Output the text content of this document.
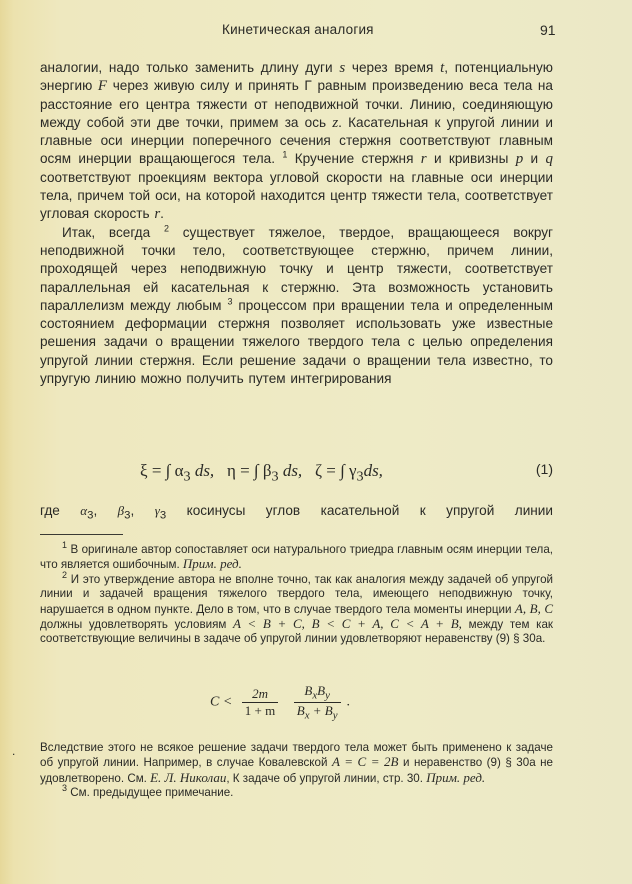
Кинетическая аналогия	91

аналогии, надо только заменить длину дуги s через время t, потенциальную энергию F через живую силу и принять Γ равным произведению веса тела на расстояние его центра тяжести от неподвижной точки. Линию, соединяющую между собой эти две точки, примем за ось z. Касательная к упругой линии и главные оси инерции поперечного сечения стержня соответствуют главным осям инерции вращающегося тела. $^1$ Кручение стержня r и кривизны p и q соответствуют проекциям вектора угловой скорости на главные оси инерции тела, причем той оси, на которой находится центр тяжести тела, соответствует угловая скорость r.

Итак, всегда $^2$ существует тяжелое, твердое, вращающееся вокруг неподвижной точки тело, соответствующее стержню, причем линии, проходящей через неподвижную точку и центр тяжести, соответствует параллельная ей касательная к стержню. Эта возможность установить параллелизм между любым $^3$ процессом при вращении тела и определенным состоянием деформации стержня позволяет использовать уже известные решения задачи о вращении тяжелого твердого тела с целью определения упругой линии стержня. Если решение задачи о вращении тела известно, то упругую линию можно получить путем интегрирования

ξ = ∫ $\alpha_3$ ds, η = ∫ $\beta_3$ ds, ζ = ∫ $\gamma_3ds$,	(1)
где $\alpha_3$, $\beta_3$, $\gamma_3$ косинусы углов касательной к упругой линии

$^1$ В оригинале автор сопоставляет оси натурального триедра главным осям инерции тела, что является ошибочным. Прим. ред.

$^2$ И это утверждение автора не вполне точно, так как аналогия между задачей об упругой линии и задачей вращения тяжелого твердого тела, имеющего неподвижную точку, нарушается в одном пункте. Дело в том, что в случае твердого тела моменты инерции A, B, C должны удовлетворять условиям A < B + C, B < C + A, C < A + B, между тем как соответствующие величины в задаче об упругой линии удовлетворяют неравенству (9) § 30а.

$C < \frac{2m}{1 + m}$
$\frac{B_xB_y}{B_x + B_y}$ .
. Вследствие этого не всякое решение задачи твердого тела может быть применено к задаче об упругой линии. Например, в случае Ковалевской A = C = 2B и неравенство (9) § 30а не удовлетворено. См. Е. Л. Николаи, К задаче об упругой линии, стр. 30. Прим. ред.

$^3$ См. предыдущее примечание.
